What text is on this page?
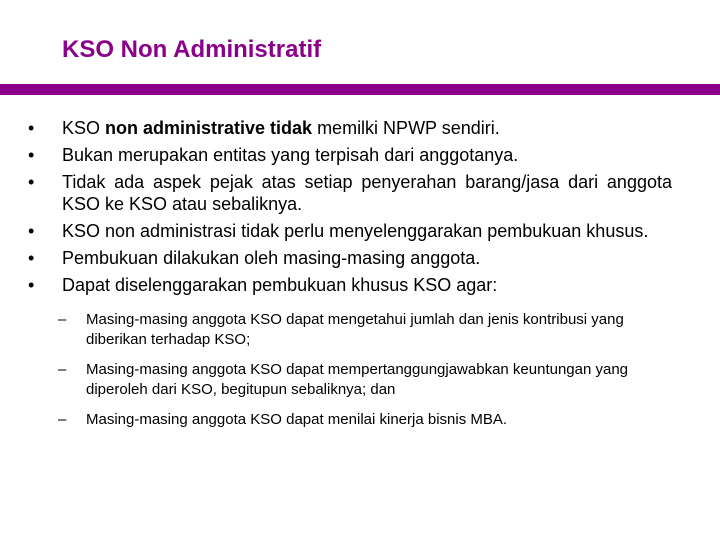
KSO Non Administratif
•	KSO non administrative tidak memilki NPWP sendiri.
•	Bukan merupakan entitas yang terpisah dari anggotanya.
•	Tidak ada aspek pejak atas setiap penyerahan barang/jasa dari anggota KSO ke KSO atau sebaliknya.
•	KSO non administrasi tidak perlu menyelenggarakan pembukuan khusus.
•	Pembukuan dilakukan oleh masing-masing anggota.
•	Dapat diselenggarakan pembukuan khusus KSO agar:
– Masing-masing anggota KSO dapat mengetahui jumlah dan jenis kontribusi yang diberikan terhadap KSO;
– Masing-masing anggota KSO dapat mempertanggungjawabkan keuntungan yang diperoleh dari KSO, begitupun sebaliknya; dan
– Masing-masing anggota KSO dapat menilai kinerja bisnis MBA.
